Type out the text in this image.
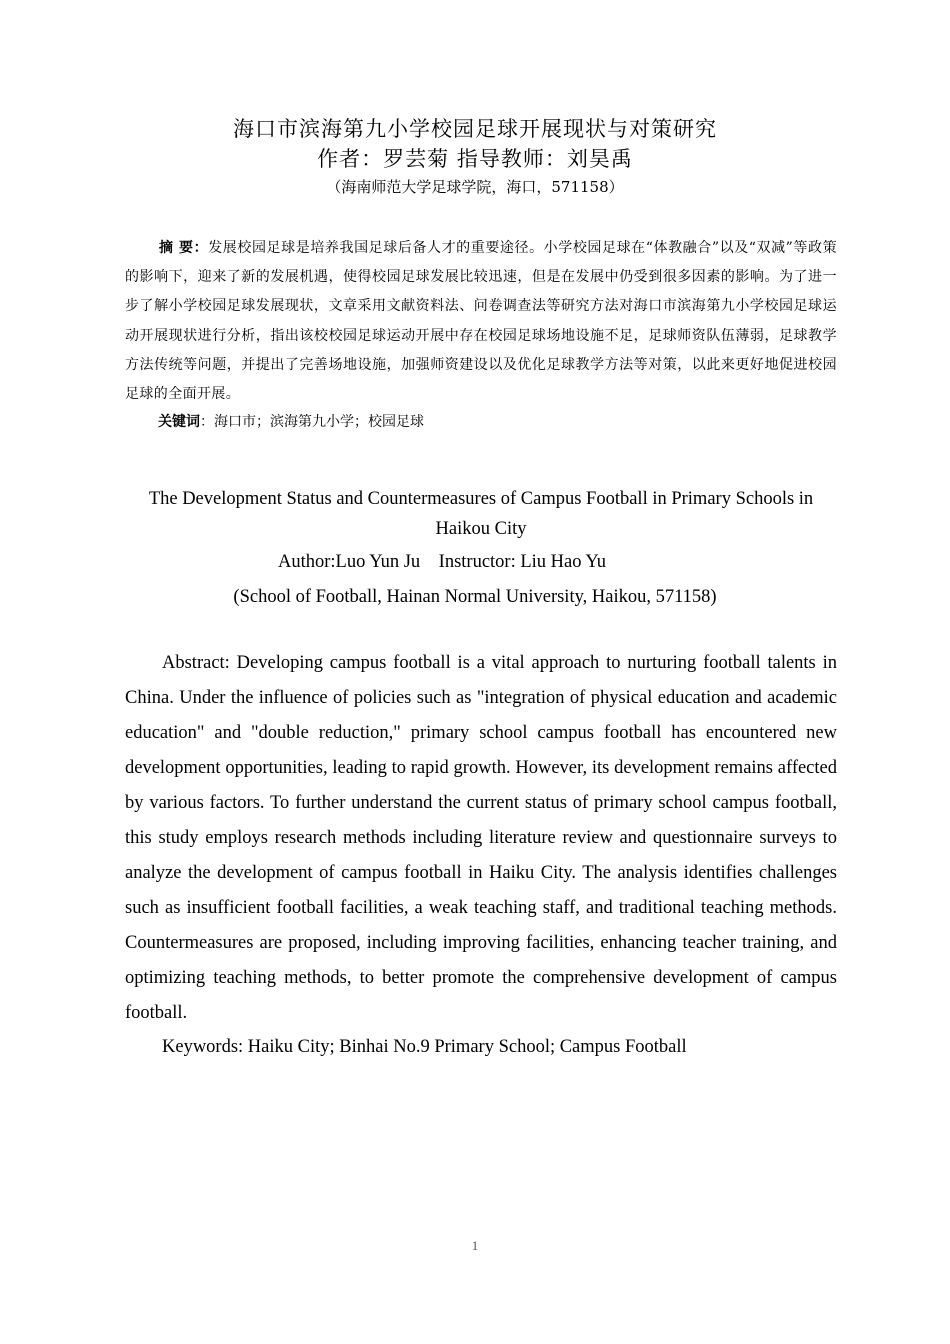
海口市滨海第九小学校园足球开展现状与对策研究
作者：罗芸菊 指导教师：刘昊禹
（海南师范大学足球学院，海口，571158）
摘 要：发展校园足球是培养我国足球后备人才的重要途径。小学校园足球在“体教融合”以及“双减”等政策的影响下，迎来了新的发展机遇，使得校园足球发展比较迅速，但是在发展中仍受到很多因素的影响。为了进一步了解小学校园足球发展现状，文章采用文献资料法、问卷调查法等研究方法对海口市滨海第九小学校园足球运动开展现状进行分析，指出该校校园足球运动开展中存在校园足球场地设施不足，足球师资队伍薄弱，足球教学方法传统等问题，并提出了完善场地设施，加强师资建设以及优化足球教学方法等对策，以此来更好地促进校园足球的全面开展。
关键词：海口市；滨海第九小学；校园足球
The Development Status and Countermeasures of Campus Football in Primary Schools in Haikou City
Author:Luo Yun Ju    Instructor: Liu Hao Yu
(School of Football, Hainan Normal University, Haikou, 571158)
Abstract: Developing campus football is a vital approach to nurturing football talents in China. Under the influence of policies such as "integration of physical education and academic education" and "double reduction," primary school campus football has encountered new development opportunities, leading to rapid growth. However, its development remains affected by various factors. To further understand the current status of primary school campus football, this study employs research methods including literature review and questionnaire surveys to analyze the development of campus football in Haiku City. The analysis identifies challenges such as insufficient football facilities, a weak teaching staff, and traditional teaching methods. Countermeasures are proposed, including improving facilities, enhancing teacher training, and optimizing teaching methods, to better promote the comprehensive development of campus football.
Keywords: Haiku City; Binhai No.9 Primary School; Campus Football
1
